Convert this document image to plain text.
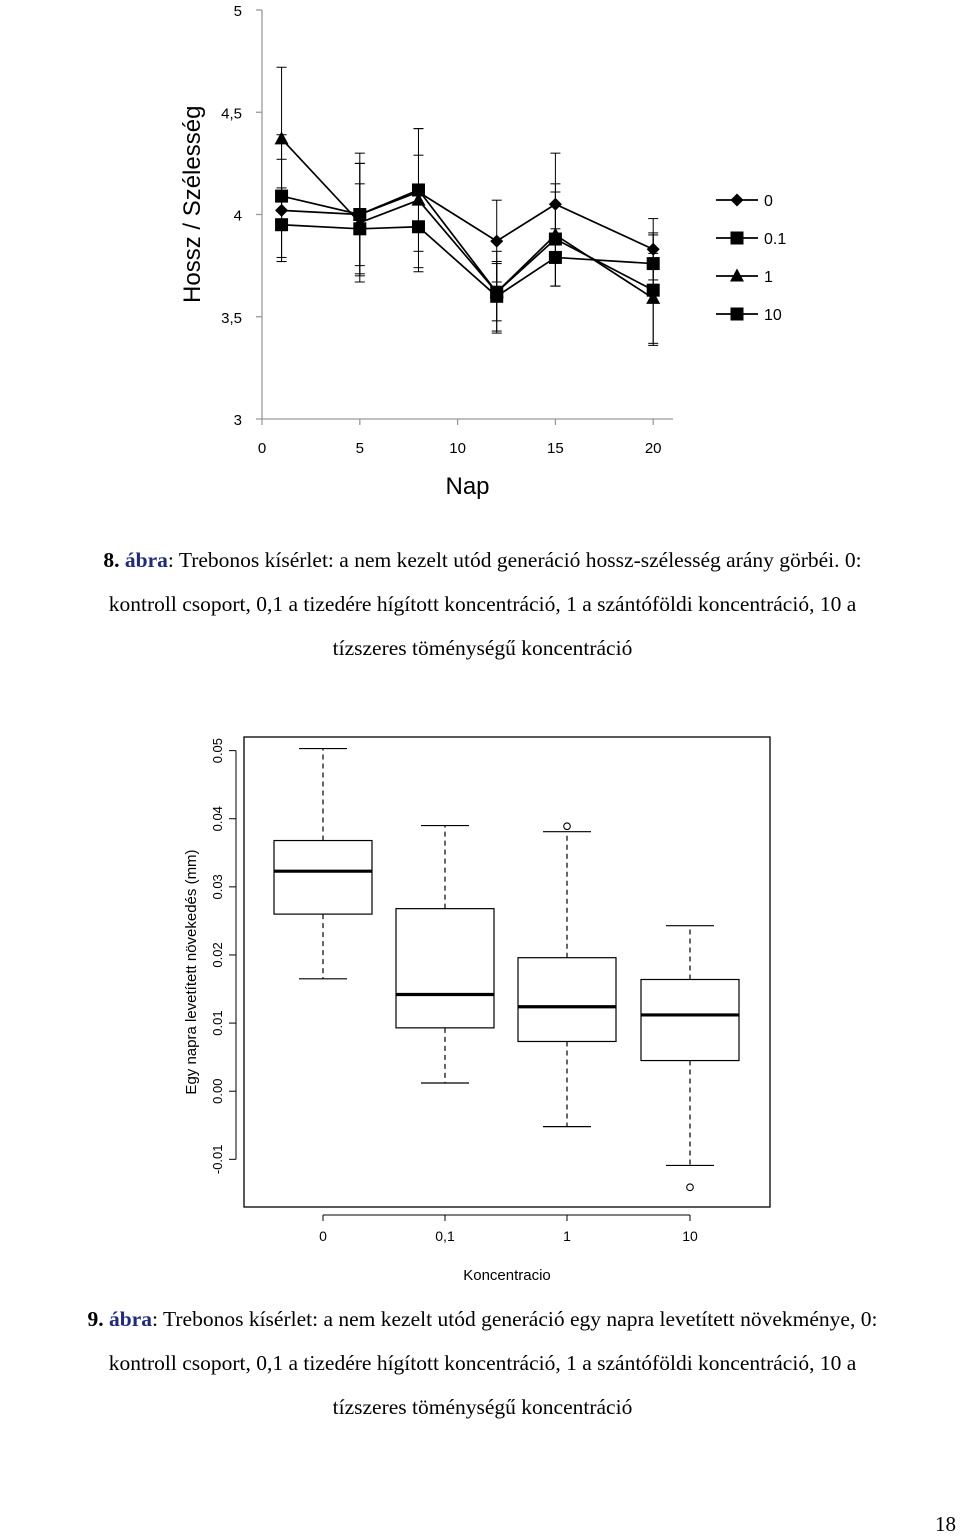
3
3,5
4
4,5
5
0	5	10	15	20
0
0.1
1
10
Nap
Hossz / Szélesség
8. ábra: Trebonos kísérlet: a nem kezelt utód generáció hossz-szélesség arány görbéi. 0:
kontroll csoport, 0,1 a tizedére hígított koncentráció, 1 a szántóföldi koncentráció, 10 a
tízszeres töménységű koncentráció
-0.01
0.00
0.01
0.02
0.03
0.04
0.05
0	0,1	1	10
Koncentracio
Egy napra levetített növekedés (mm)
9. ábra: Trebonos kísérlet: a nem kezelt utód generáció egy napra levetített növekménye, 0:
kontroll csoport, 0,1 a tizedére hígított koncentráció, 1 a szántóföldi koncentráció, 10 a
tízszeres töménységű koncentráció
18
